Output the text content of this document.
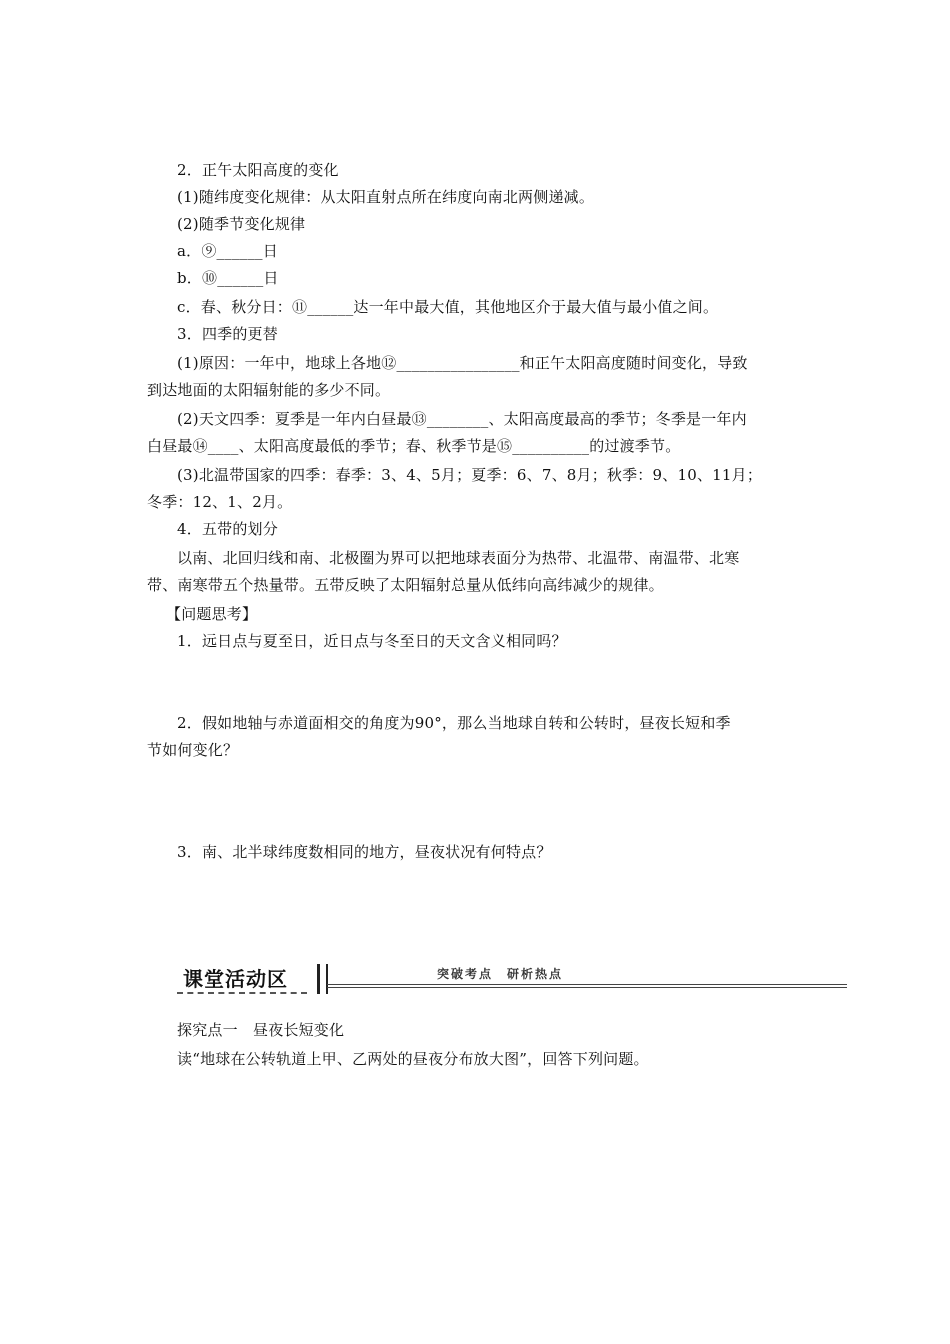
2．正午太阳高度的变化
(1)随纬度变化规律：从太阳直射点所在纬度向南北两侧递减。
(2)随季节变化规律
a．⑨______日
b．⑩______日
c．春、秋分日：⑪______达一年中最大值，其他地区介于最大值与最小值之间。
3．四季的更替
(1)原因：一年中，地球上各地⑫________________和正午太阳高度随时间变化，导致
到达地面的太阳辐射能的多少不同。
(2)天文四季：夏季是一年内白昼最⑬________、太阳高度最高的季节；冬季是一年内
白昼最⑭____、太阳高度最低的季节；春、秋季节是⑮__________的过渡季节。
(3)北温带国家的四季：春季：3、4、5月；夏季：6、7、8月；秋季：9、10、11月；
冬季：12、1、2月。
4．五带的划分
以南、北回归线和南、北极圈为界可以把地球表面分为热带、北温带、南温带、北寒
带、南寒带五个热量带。五带反映了太阳辐射总量从低纬向高纬减少的规律。
【问题思考】
1．远日点与夏至日，近日点与冬至日的天文含义相同吗？
2．假如地轴与赤道面相交的角度为90°，那么当地球自转和公转时，昼夜长短和季
节如何变化？
3．南、北半球纬度数相同的地方，昼夜状况有何特点？
课堂活动区	突破考点　研析热点
探究点一　昼夜长短变化
读“地球在公转轨道上甲、乙两处的昼夜分布放大图”，回答下列问题。
